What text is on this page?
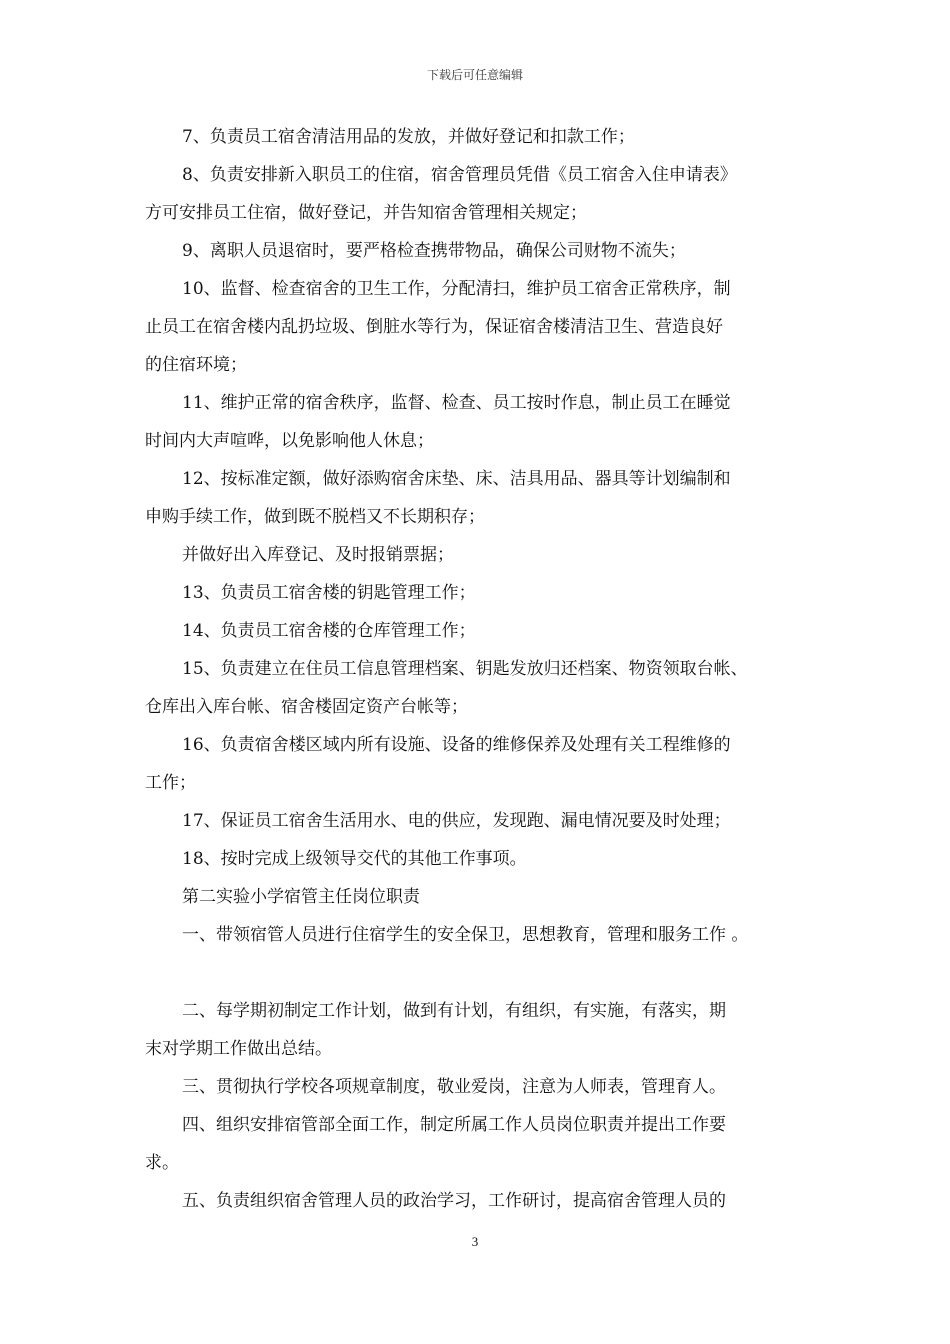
下载后可任意编辑

7、负责员工宿舍清洁用品的发放，并做好登记和扣款工作；

8、负责安排新入职员工的住宿，宿舍管理员凭借《员工宿舍入住申请表》

方可安排员工住宿，做好登记，并告知宿舍管理相关规定；

9、离职人员退宿时，要严格检查携带物品，确保公司财物不流失；

10、监督、检查宿舍的卫生工作，分配清扫，维护员工宿舍正常秩序，制

止员工在宿舍楼内乱扔垃圾、倒脏水等行为，保证宿舍楼清洁卫生、营造良好

的住宿环境；

11、维护正常的宿舍秩序，监督、检查、员工按时作息，制止员工在睡觉

时间内大声喧哗，以免影响他人休息；

12、按标准定额，做好添购宿舍床垫、床、洁具用品、器具等计划编制和

申购手续工作，做到既不脱档又不长期积存；

并做好出入库登记、及时报销票据；

13、负责员工宿舍楼的钥匙管理工作；

14、负责员工宿舍楼的仓库管理工作；

15、负责建立在住员工信息管理档案、钥匙发放归还档案、物资领取台帐、

仓库出入库台帐、宿舍楼固定资产台帐等；

16、负责宿舍楼区域内所有设施、设备的维修保养及处理有关工程维修的

工作；

17、保证员工宿舍生活用水、电的供应，发现跑、漏电情况要及时处理；

18、按时完成上级领导交代的其他工作事项。

第二实验小学宿管主任岗位职责

一、带领宿管人员进行住宿学生的安全保卫，思想教育，管理和服务工作 。

二、每学期初制定工作计划，做到有计划，有组织，有实施，有落实，期

末对学期工作做出总结。

三、贯彻执行学校各项规章制度，敬业爱岗，注意为人师表，管理育人。

四、组织安排宿管部全面工作，制定所属工作人员岗位职责并提出工作要

求。

五、负责组织宿舍管理人员的政治学习，工作研讨，提高宿舍管理人员的

3
